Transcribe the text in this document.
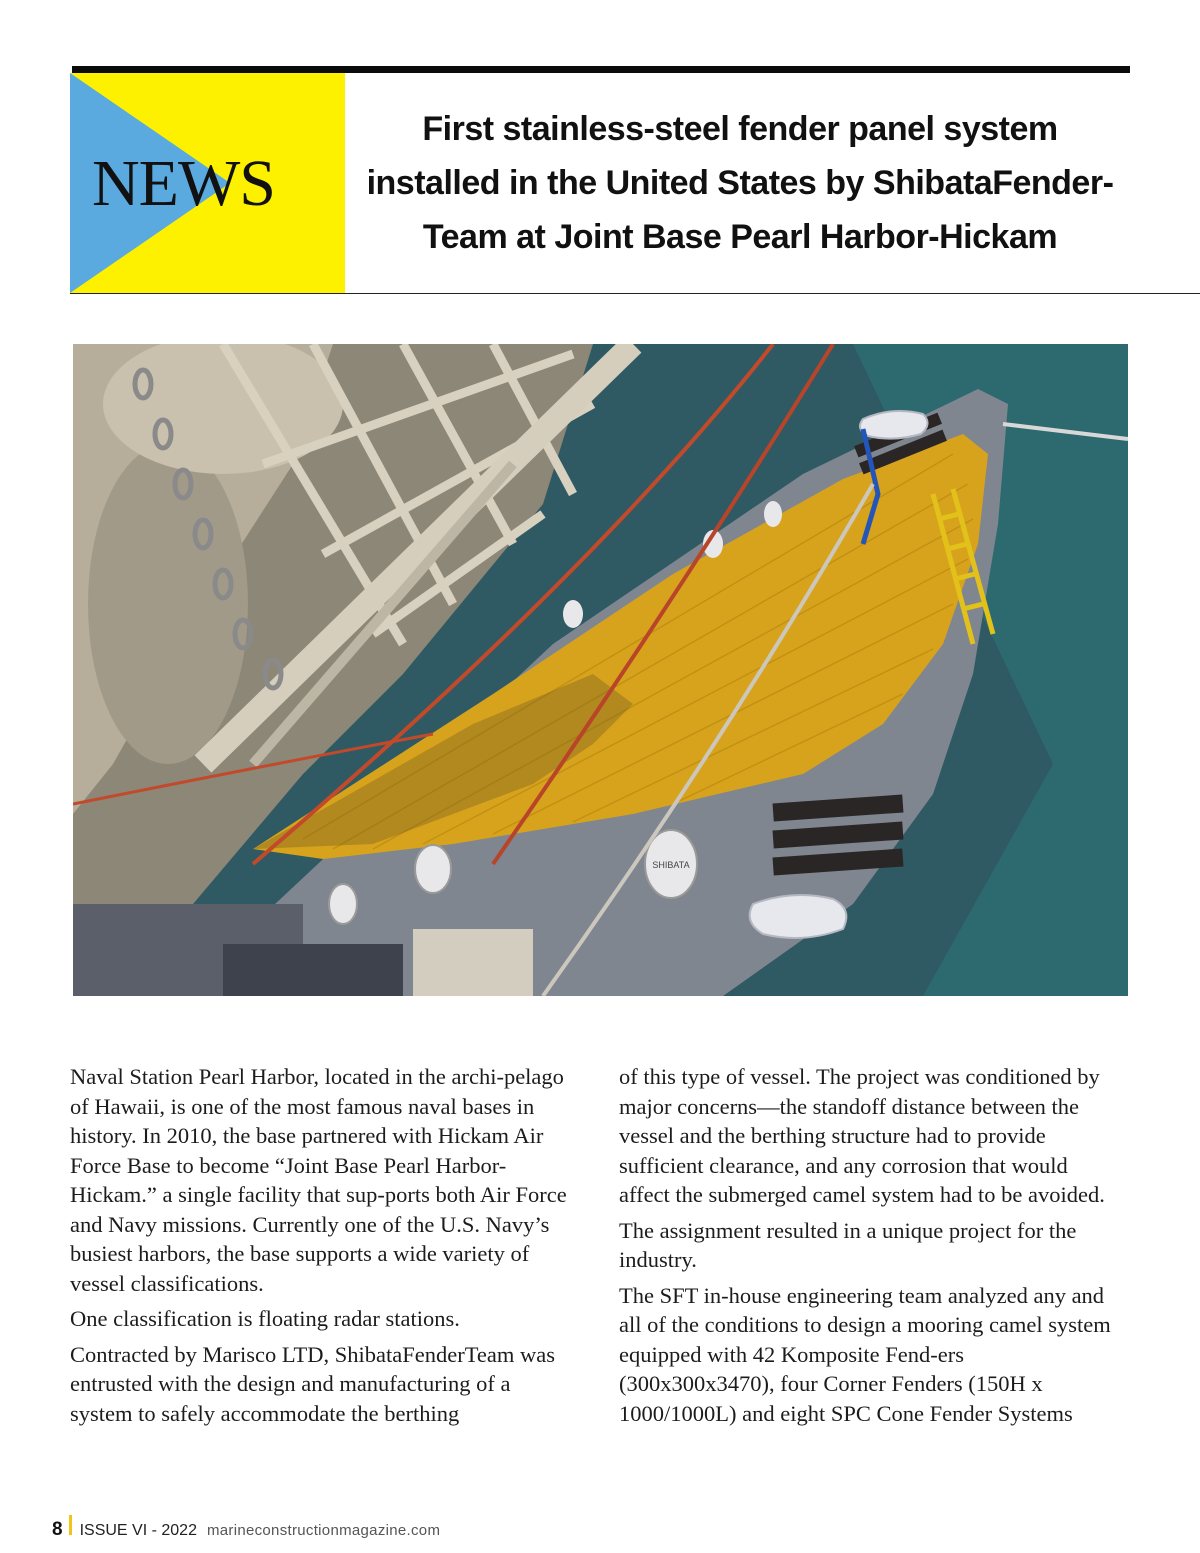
NEWS
First stainless-steel fender panel system
installed in the United States by ShibataFender-
Team at Joint Base Pearl Harbor-Hickam
SHIBATA

Naval Station Pearl Harbor, located in the archi-pelago of Hawaii, is one of the most famous naval bases in history. In 2010, the base partnered with Hickam Air Force Base to become “Joint Base Pearl Harbor-Hickam.” a single facility that sup-ports both Air Force and Navy missions. Currently one of the U.S. Navy’s busiest harbors, the base supports a wide variety of vessel classifications.

One classification is floating radar stations.

Contracted by Marisco LTD, ShibataFenderTeam was entrusted with the design and manufacturing of a system to safely accommodate the berthing

of this type of vessel. The project was conditioned by major concerns—the standoff distance between the vessel and the berthing structure had to provide sufficient clearance, and any corrosion that would affect the submerged camel system had to be avoided.

The assignment resulted in a unique project for the industry.

The SFT in-house engineering team analyzed any and all of the conditions to design a mooring camel system equipped with 42 Komposite Fend-ers (300x300x3470), four Corner Fenders (150H x 1000/1000L) and eight SPC Cone Fender Systems

8 ISSUE VI - 2022 marineconstructionmagazine.com
